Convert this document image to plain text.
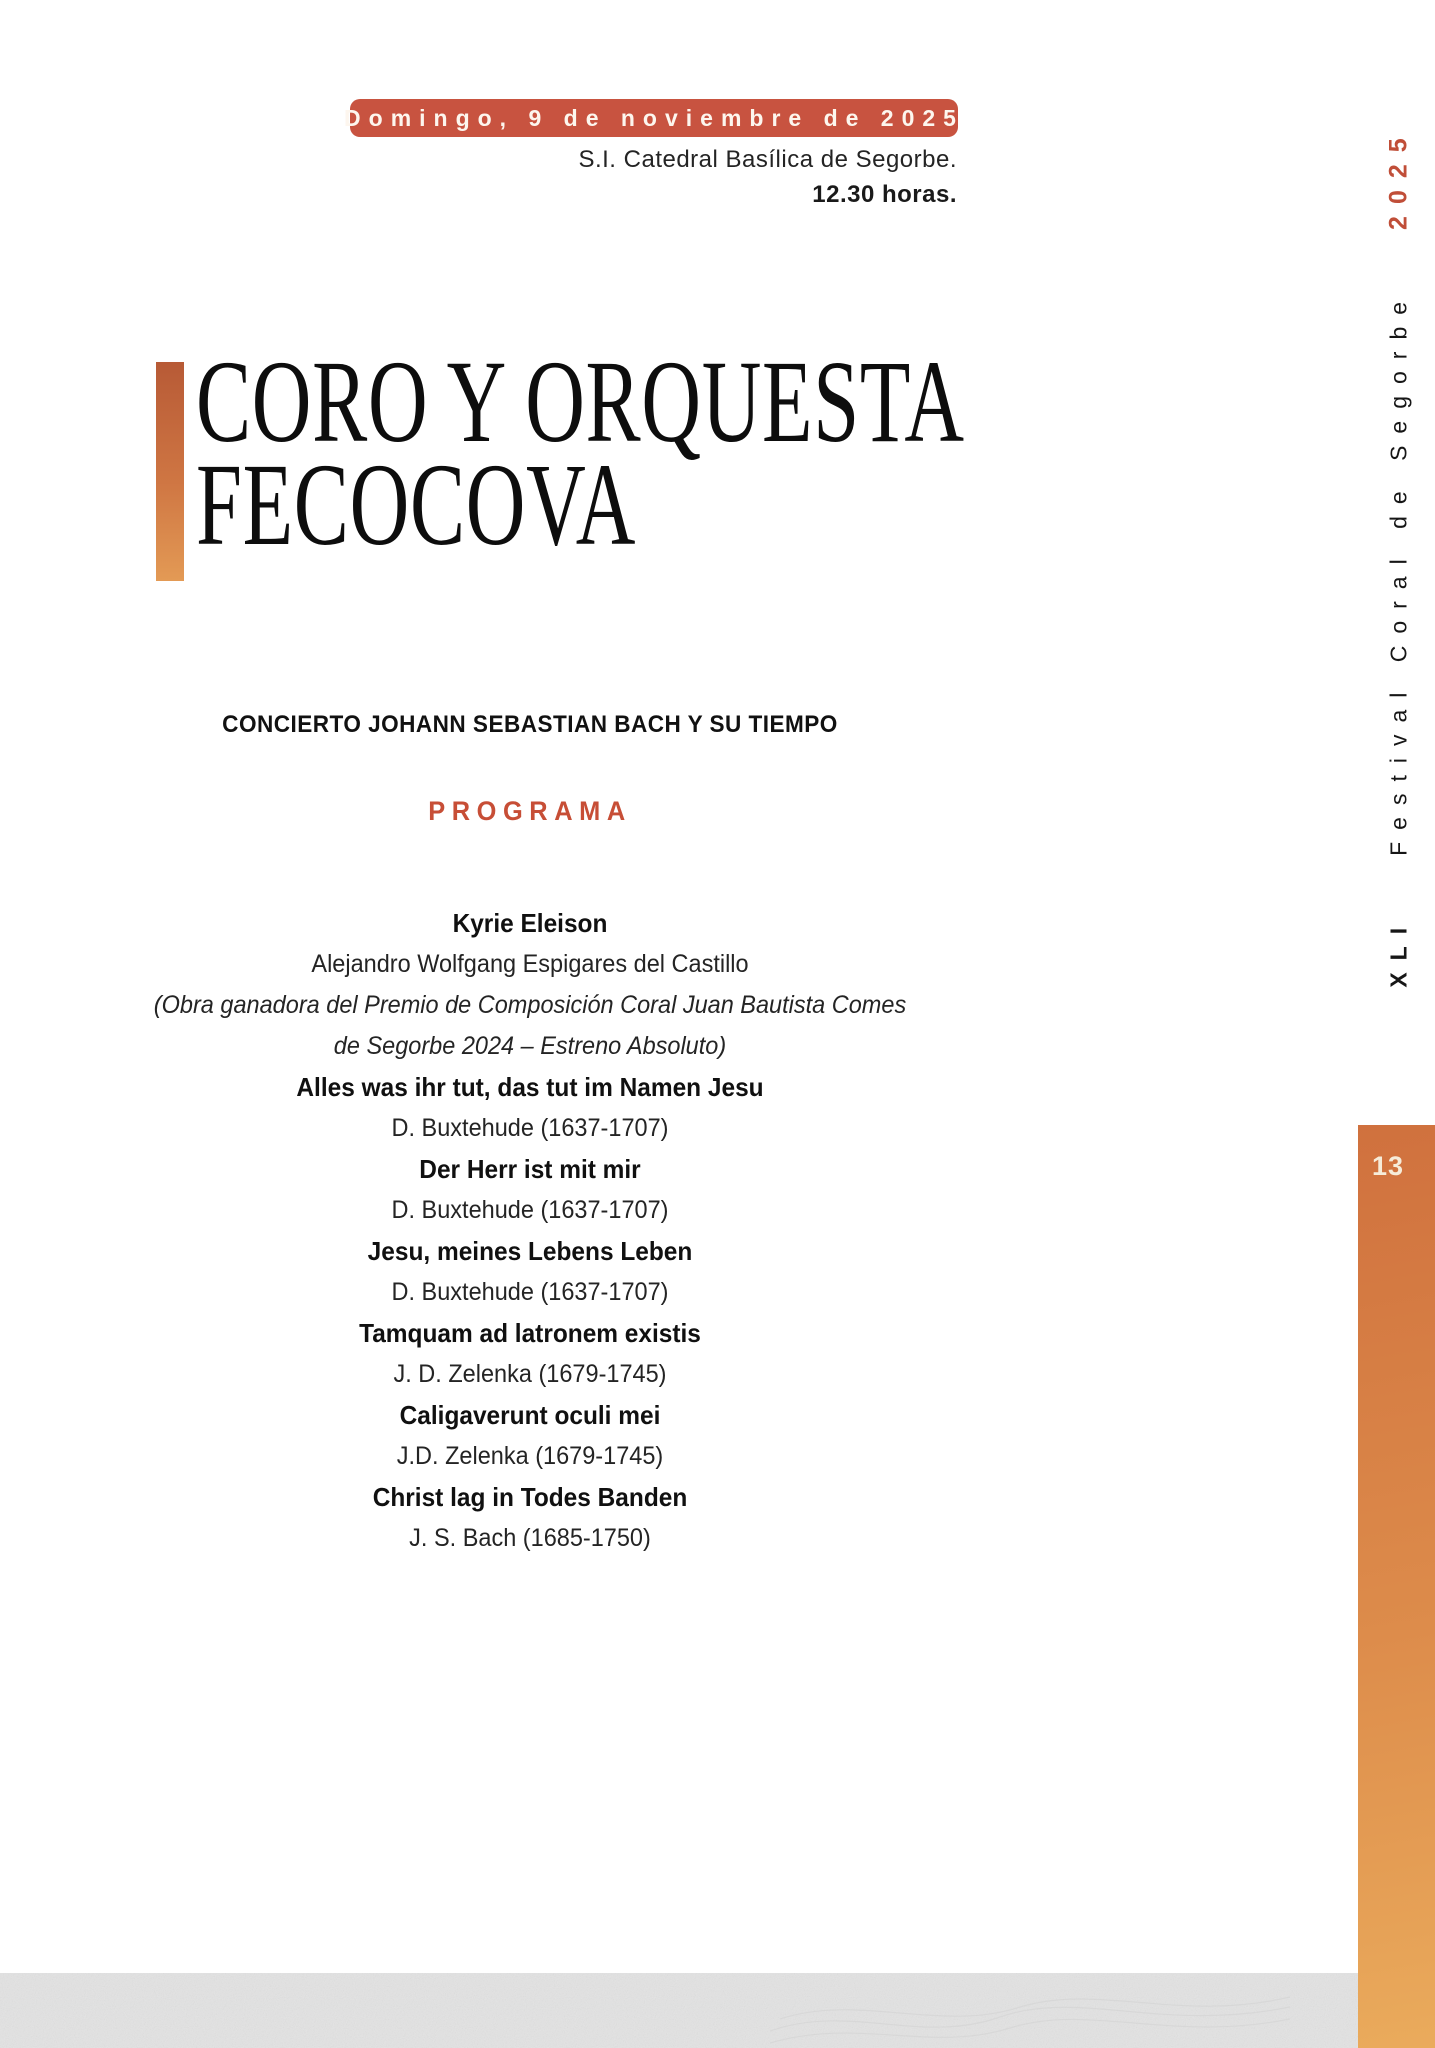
Domingo, 9 de noviembre de 2025
S.I. Catedral Basílica de Segorbe.
12.30 horas.
CORO Y ORQUESTA
FECOCOVA
CONCIERTO JOHANN SEBASTIAN BACH Y SU TIEMPO
PROGRAMA
Kyrie Eleison
Alejandro Wolfgang Espigares del Castillo
(Obra ganadora del Premio de Composición Coral Juan Bautista Comes
de Segorbe 2024 – Estreno Absoluto)
Alles was ihr tut, das tut im Namen Jesu
D. Buxtehude (1637-1707)
Der Herr ist mit mir
D. Buxtehude (1637-1707)
Jesu, meines Lebens Leben
D. Buxtehude (1637-1707)
Tamquam ad latronem existis
J. D. Zelenka (1679-1745)
Caligaverunt oculi mei
J.D. Zelenka (1679-1745)
Christ lag in Todes Banden
J. S. Bach (1685-1750)
XLIFestival Coral de Segorbe2025
13
